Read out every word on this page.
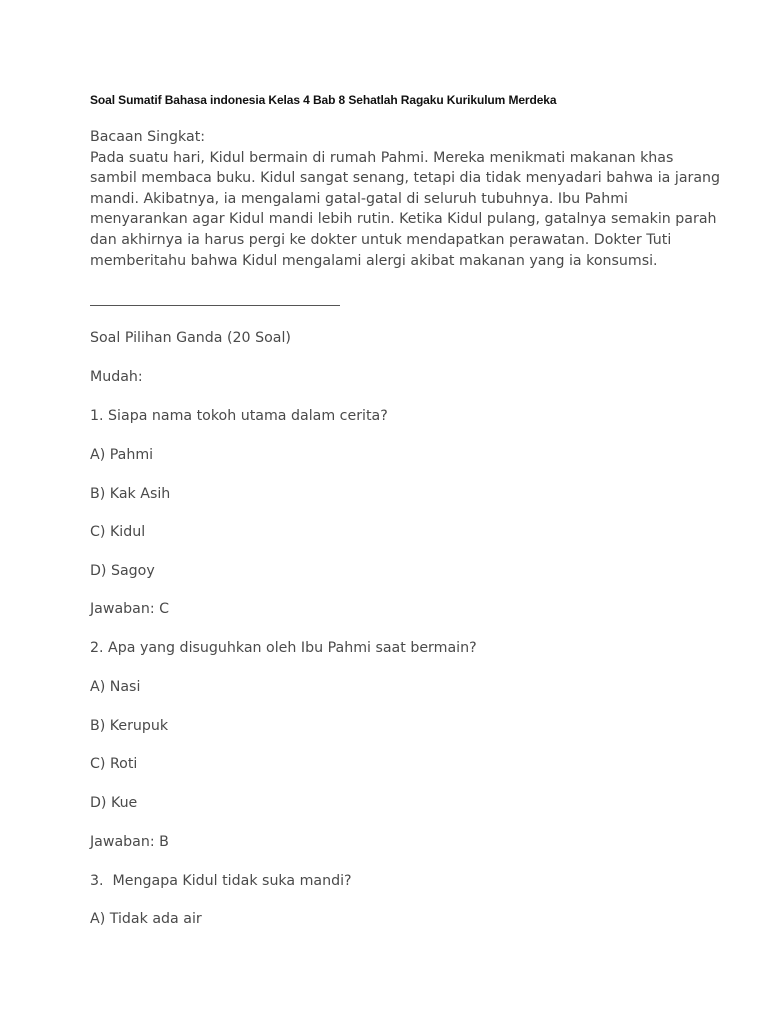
Soal Sumatif Bahasa indonesia Kelas 4 Bab 8 Sehatlah Ragaku Kurikulum Merdeka
Bacaan Singkat:
Pada suatu hari, Kidul bermain di rumah Pahmi. Mereka menikmati makanan khas
sambil membaca buku. Kidul sangat senang, tetapi dia tidak menyadari bahwa ia jarang
mandi. Akibatnya, ia mengalami gatal-gatal di seluruh tubuhnya. Ibu Pahmi
menyarankan agar Kidul mandi lebih rutin. Ketika Kidul pulang, gatalnya semakin parah
dan akhirnya ia harus pergi ke dokter untuk mendapatkan perawatan. Dokter Tuti
memberitahu bahwa Kidul mengalami alergi akibat makanan yang ia konsumsi.
Soal Pilihan Ganda (20 Soal)
Mudah:
1. Siapa nama tokoh utama dalam cerita?
A) Pahmi
B) Kak Asih
C) Kidul
D) Sagoy
Jawaban: C
2. Apa yang disuguhkan oleh Ibu Pahmi saat bermain?
A) Nasi
B) Kerupuk
C) Roti
D) Kue
Jawaban: B
3.  Mengapa Kidul tidak suka mandi?
A) Tidak ada air
